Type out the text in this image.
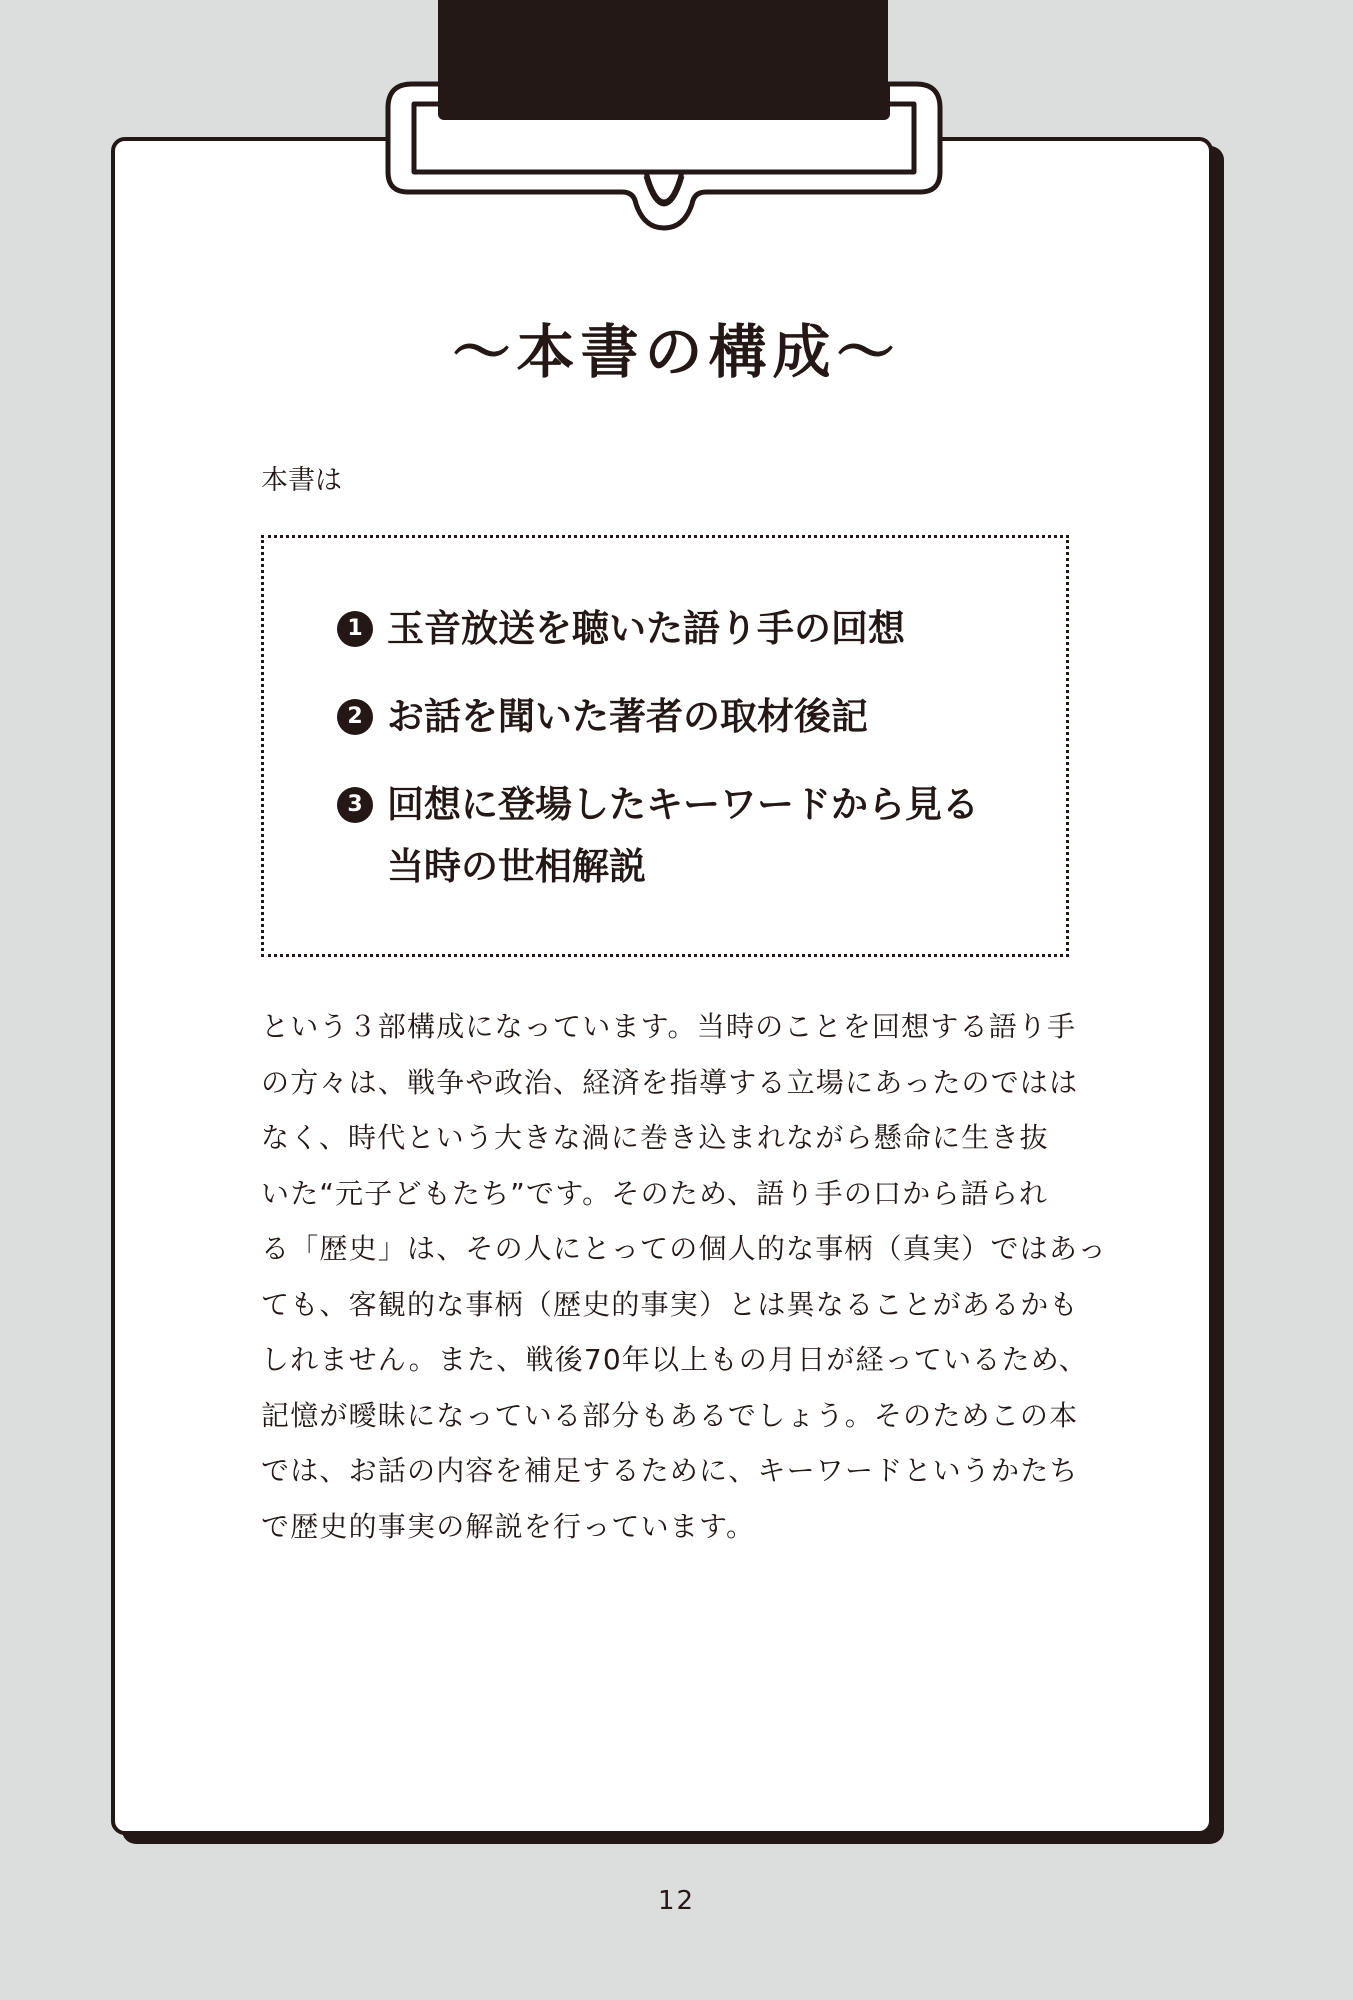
～本書の構成～

本書は

1 玉音放送を聴いた語り手の回想
2 お話を聞いた著者の取材後記
3 回想に登場したキーワードから見る
当時の世相解説
という３部構成になっています。当時のことを回想する語り手
の方々は、戦争や政治、経済を指導する立場にあったのではは
なく、時代という大きな渦に巻き込まれながら懸命に生き抜
いた“元子どもたち”です。そのため、語り手の口から語られ
る「歴史」は、その人にとっての個人的な事柄（真実）ではあっ
ても、客観的な事柄（歴史的事実）とは異なることがあるかも
しれません。また、戦後70年以上もの月日が経っているため、
記憶が曖昧になっている部分もあるでしょう。そのためこの本
では、お話の内容を補足するために、キーワードというかたち
で歴史的事実の解説を行っています。

12
